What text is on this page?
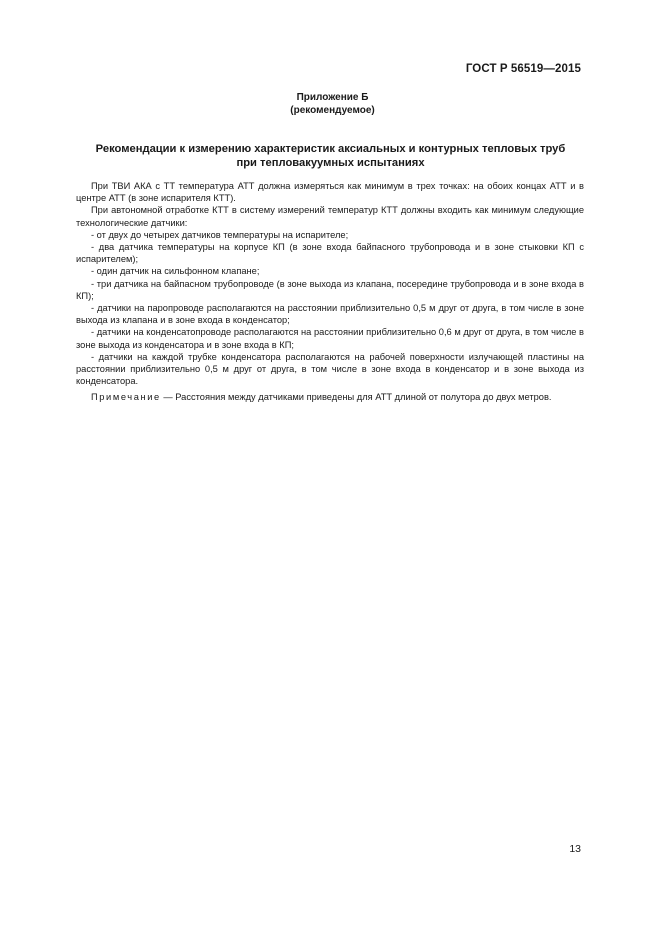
ГОСТ Р 56519—2015
Приложение Б
(рекомендуемое)
Рекомендации к измерению характеристик аксиальных и контурных тепловых труб
при тепловакуумных испытаниях

При ТВИ АКА с ТТ температура АТТ должна измеряться как минимум в трех точках: на обоих концах АТТ и в центре АТТ (в зоне испарителя КТТ).

При автономной отработке КТТ в систему измерений температур КТТ должны входить как минимум следующие технологические датчики:

- от двух до четырех датчиков температуры на испарителе;

- два датчика температуры на корпусе КП (в зоне входа байпасного трубопровода и в зоне стыковки КП с испарителем);

- один датчик на сильфонном клапане;

- три датчика на байпасном трубопроводе (в зоне выхода из клапана, посередине трубопровода и в зоне входа в КП);

- датчики на паропроводе располагаются на расстоянии приблизительно 0,5 м друг от друга, в том числе в зоне выхода из клапана и в зоне входа в конденсатор;

- датчики на конденсатопроводе располагаются на расстоянии приблизительно 0,6 м друг от друга, в том числе в зоне выхода из конденсатора и в зоне входа в КП;

- датчики на каждой трубке конденсатора располагаются на рабочей поверхности излучающей пластины на расстоянии приблизительно 0,5 м друг от друга, в том числе в зоне входа в конденсатор и в зоне выхода из конденсатора.

Примечание — Расстояния между датчиками приведены для АТТ длиной от полутора до двух метров.

13
